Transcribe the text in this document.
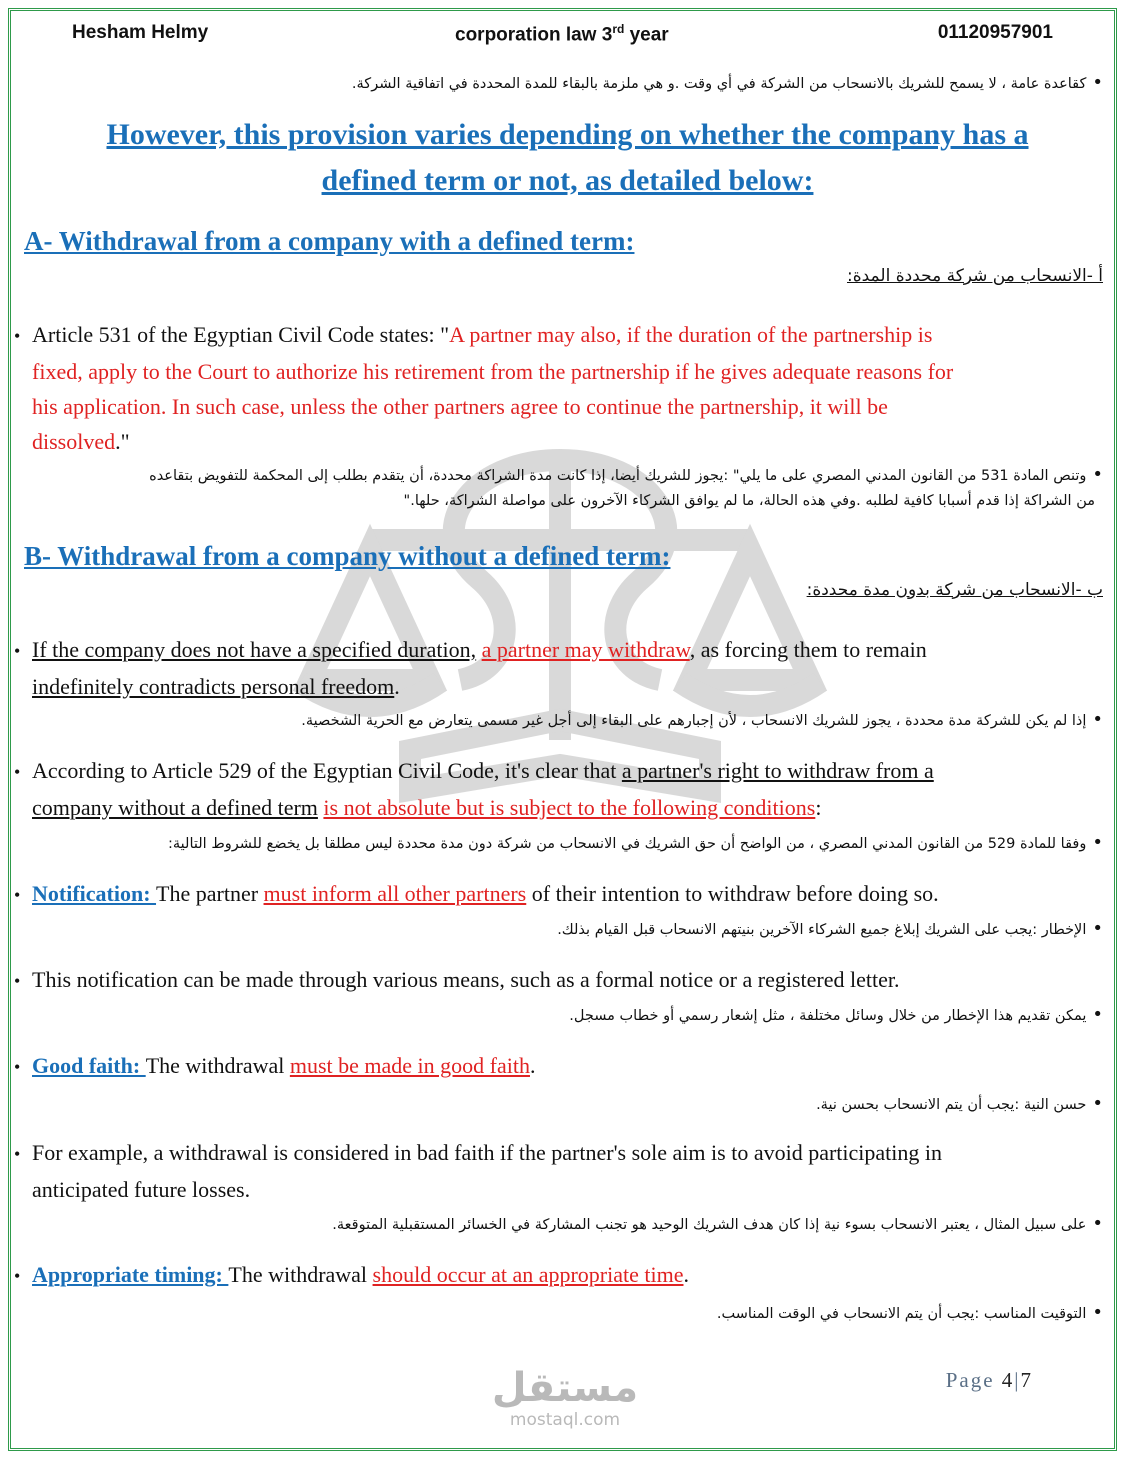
Hesham Helmy	corporation law 3rd year	01120957901
• كقاعدة عامة ، لا يسمح للشريك بالانسحاب من الشركة في أي وقت .و هي ملزمة بالبقاء للمدة المحددة في اتفاقية الشركة.
However, this provision varies depending on whether the company has a
defined term or not, as detailed below:
A- Withdrawal from a company with a defined term:
أ -الانسحاب من شركة محددة المدة:
• Article 531 of the Egyptian Civil Code states: "A partner may also, if the duration of the partnership is
fixed, apply to the Court to authorize his retirement from the partnership if he gives adequate reasons for
his application. In such case, unless the other partners agree to continue the partnership, it will be
dissolved."
• وتنص المادة 531 من القانون المدني المصري على ما يلي" :يجوز للشريك أيضا، إذا كانت مدة الشراكة محددة، أن يتقدم بطلب إلى المحكمة للتفويض بتقاعده
من الشراكة إذا قدم أسبابا كافية لطلبه .وفي هذه الحالة، ما لم يوافق الشركاء الآخرون على مواصلة الشراكة، حلها."
B- Withdrawal from a company without a defined term:
ب -الانسحاب من شركة بدون مدة محددة:
• If the company does not have a specified duration, a partner may withdraw, as forcing them to remain
indefinitely contradicts personal freedom.
• إذا لم يكن للشركة مدة محددة ، يجوز للشريك الانسحاب ، لأن إجبارهم على البقاء إلى أجل غير مسمى يتعارض مع الحرية الشخصية.
• According to Article 529 of the Egyptian Civil Code, it's clear that a partner's right to withdraw from a
company without a defined term is not absolute but is subject to the following conditions:
• وفقا للمادة 529 من القانون المدني المصري ، من الواضح أن حق الشريك في الانسحاب من شركة دون مدة محددة ليس مطلقا بل يخضع للشروط التالية:
• Notification: The partner must inform all other partners of their intention to withdraw before doing so.
• الإخطار :يجب على الشريك إبلاغ جميع الشركاء الآخرين بنيتهم الانسحاب قبل القيام بذلك.
• This notification can be made through various means, such as a formal notice or a registered letter.
• يمكن تقديم هذا الإخطار من خلال وسائل مختلفة ، مثل إشعار رسمي أو خطاب مسجل.
• Good faith: The withdrawal must be made in good faith.
• حسن النية :يجب أن يتم الانسحاب بحسن نية.
• For example, a withdrawal is considered in bad faith if the partner's sole aim is to avoid participating in
anticipated future losses.
• على سبيل المثال ، يعتبر الانسحاب بسوء نية إذا كان هدف الشريك الوحيد هو تجنب المشاركة في الخسائر المستقبلية المتوقعة.
• Appropriate timing: The withdrawal should occur at an appropriate time.
• التوقيت المناسب :يجب أن يتم الانسحاب في الوقت المناسب.
مستقل
mostaql.com
Page 4|7
